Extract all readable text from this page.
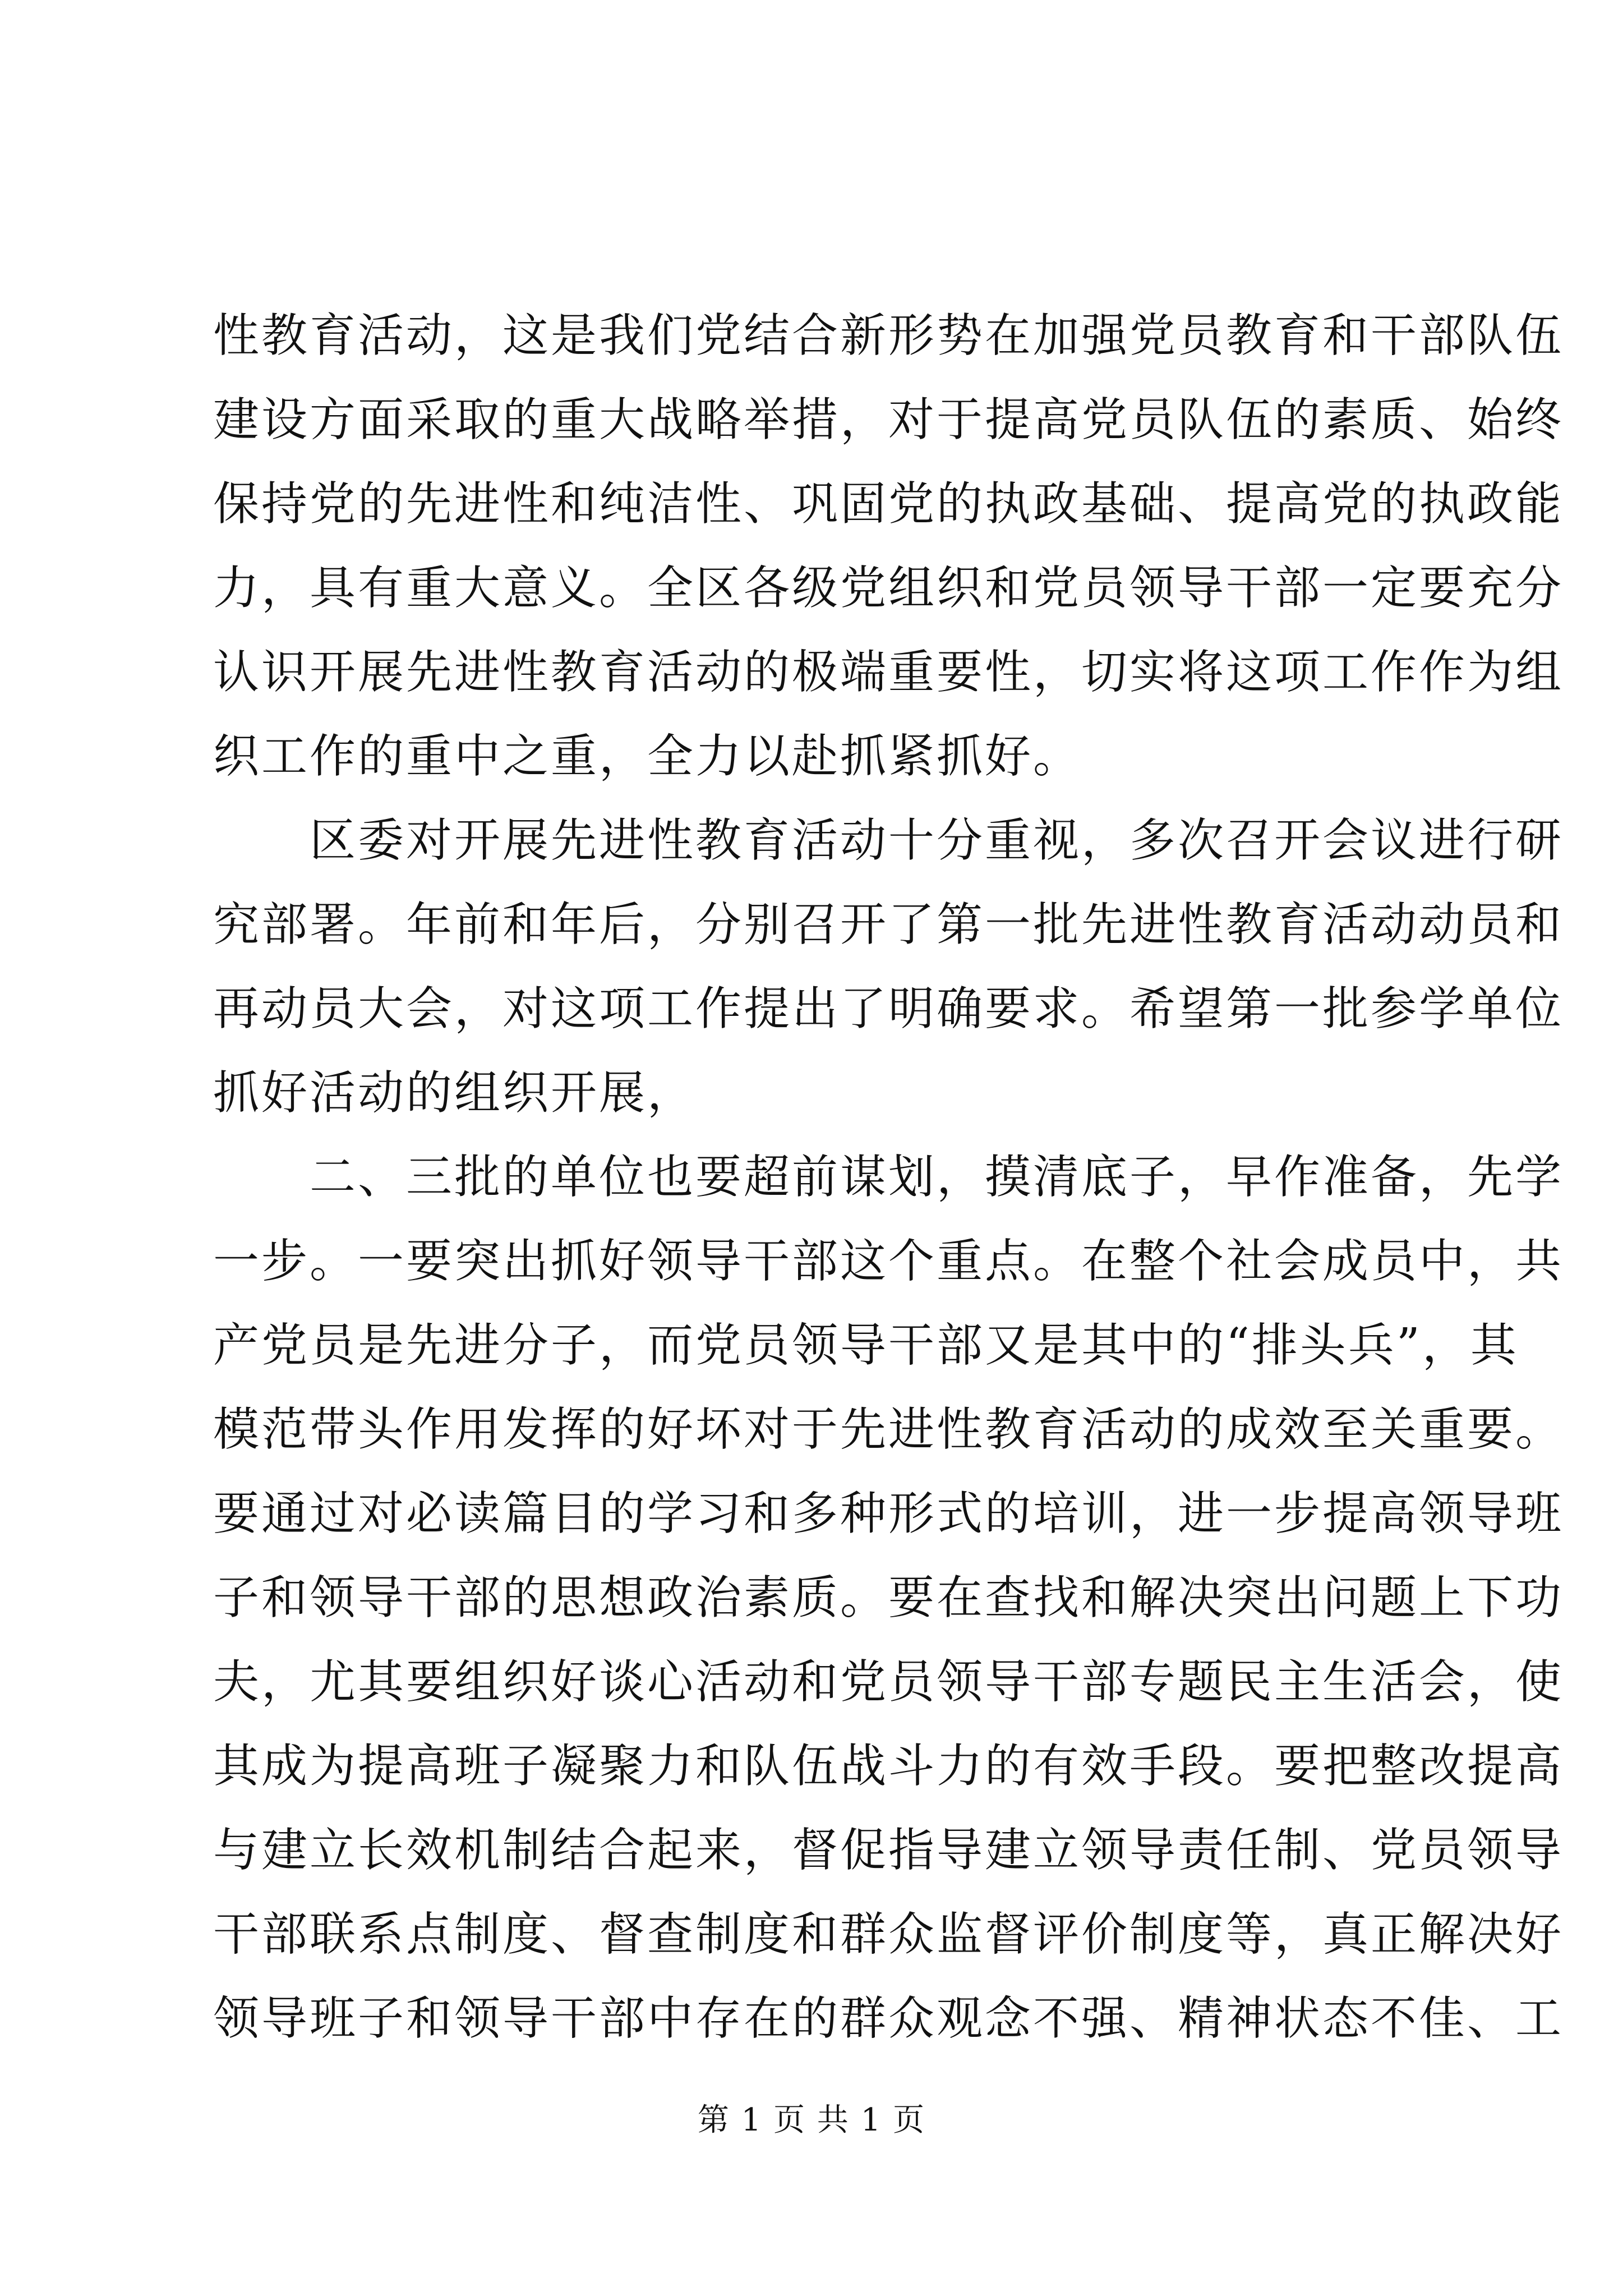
性教育活动，这是我们党结合新形势在加强党员教育和干部队伍
建设方面采取的重大战略举措，对于提高党员队伍的素质、始终
保持党的先进性和纯洁性、巩固党的执政基础、提高党的执政能
力，具有重大意义。全区各级党组织和党员领导干部一定要充分
认识开展先进性教育活动的极端重要性，切实将这项工作作为组
织工作的重中之重，全力以赴抓紧抓好。
　　区委对开展先进性教育活动十分重视，多次召开会议进行研
究部署。年前和年后，分别召开了第一批先进性教育活动动员和
再动员大会，对这项工作提出了明确要求。希望第一批参学单位
抓好活动的组织开展，
　　二、三批的单位也要超前谋划，摸清底子，早作准备，先学
一步。一要突出抓好领导干部这个重点。在整个社会成员中，共
产党员是先进分子，而党员领导干部又是其中的“排头兵”，其
模范带头作用发挥的好坏对于先进性教育活动的成效至关重要。
要通过对必读篇目的学习和多种形式的培训，进一步提高领导班
子和领导干部的思想政治素质。要在查找和解决突出问题上下功
夫，尤其要组织好谈心活动和党员领导干部专题民主生活会，使
其成为提高班子凝聚力和队伍战斗力的有效手段。要把整改提高
与建立长效机制结合起来，督促指导建立领导责任制、党员领导
干部联系点制度、督查制度和群众监督评价制度等，真正解决好
领导班子和领导干部中存在的群众观念不强、精神状态不佳、工
第 1 页 共 1 页
